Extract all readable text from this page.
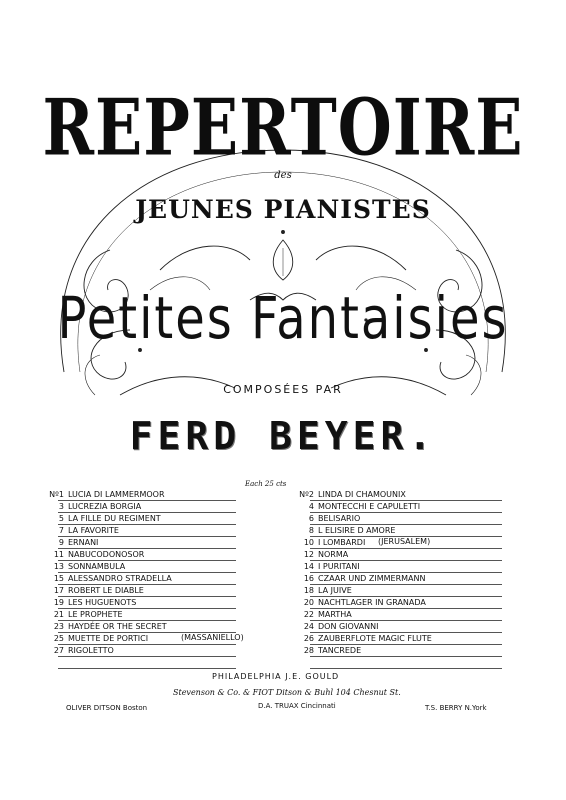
REPERTOIRE
des
JEUNES PIANISTES
Petites Fantaisies
COMPOSÉES PAR
FERD BEYER.
Each 25 cts
Nº1 LUCIA DI LAMMERMOOR
3 LUCREZIA BORGIA
5 LA FILLE DU REGIMENT
7 LA FAVORITE
9 ERNANI
11 NABUCODONOSOR
13 SONNAMBULA
15 ALESSANDRO STRADELLA
17 ROBERT LE DIABLE
19 LES HUGUENOTS
21 LE PROPHETE
23 HAYDÉE OR THE SECRET
25 MUETTE DE PORTICI
27 RIGOLETTO
(MASSANIELLO)
Nº2 LINDA DI CHAMOUNIX
4 MONTECCHI E CAPULETTI
6 BELISARIO
8 L ELISIRE D AMORE
10 I LOMBARDI
12 NORMA
14 I PURITANI
16 CZAAR UND ZIMMERMANN
18 LA JUIVE
20 NACHTLAGER IN GRANADA
22 MARTHA
24 DON GIOVANNI
26 ZAUBERFLOTE MAGIC FLUTE
28 TANCREDE
(JERUSALEM)
PHILADELPHIA J.E. GOULD
Stevenson & Co. & FIOT Ditson & Buhl 104 Chesnut St.
D.A. TRUAX Cincinnati
OLIVER DITSON Boston	T.S. BERRY N.York
